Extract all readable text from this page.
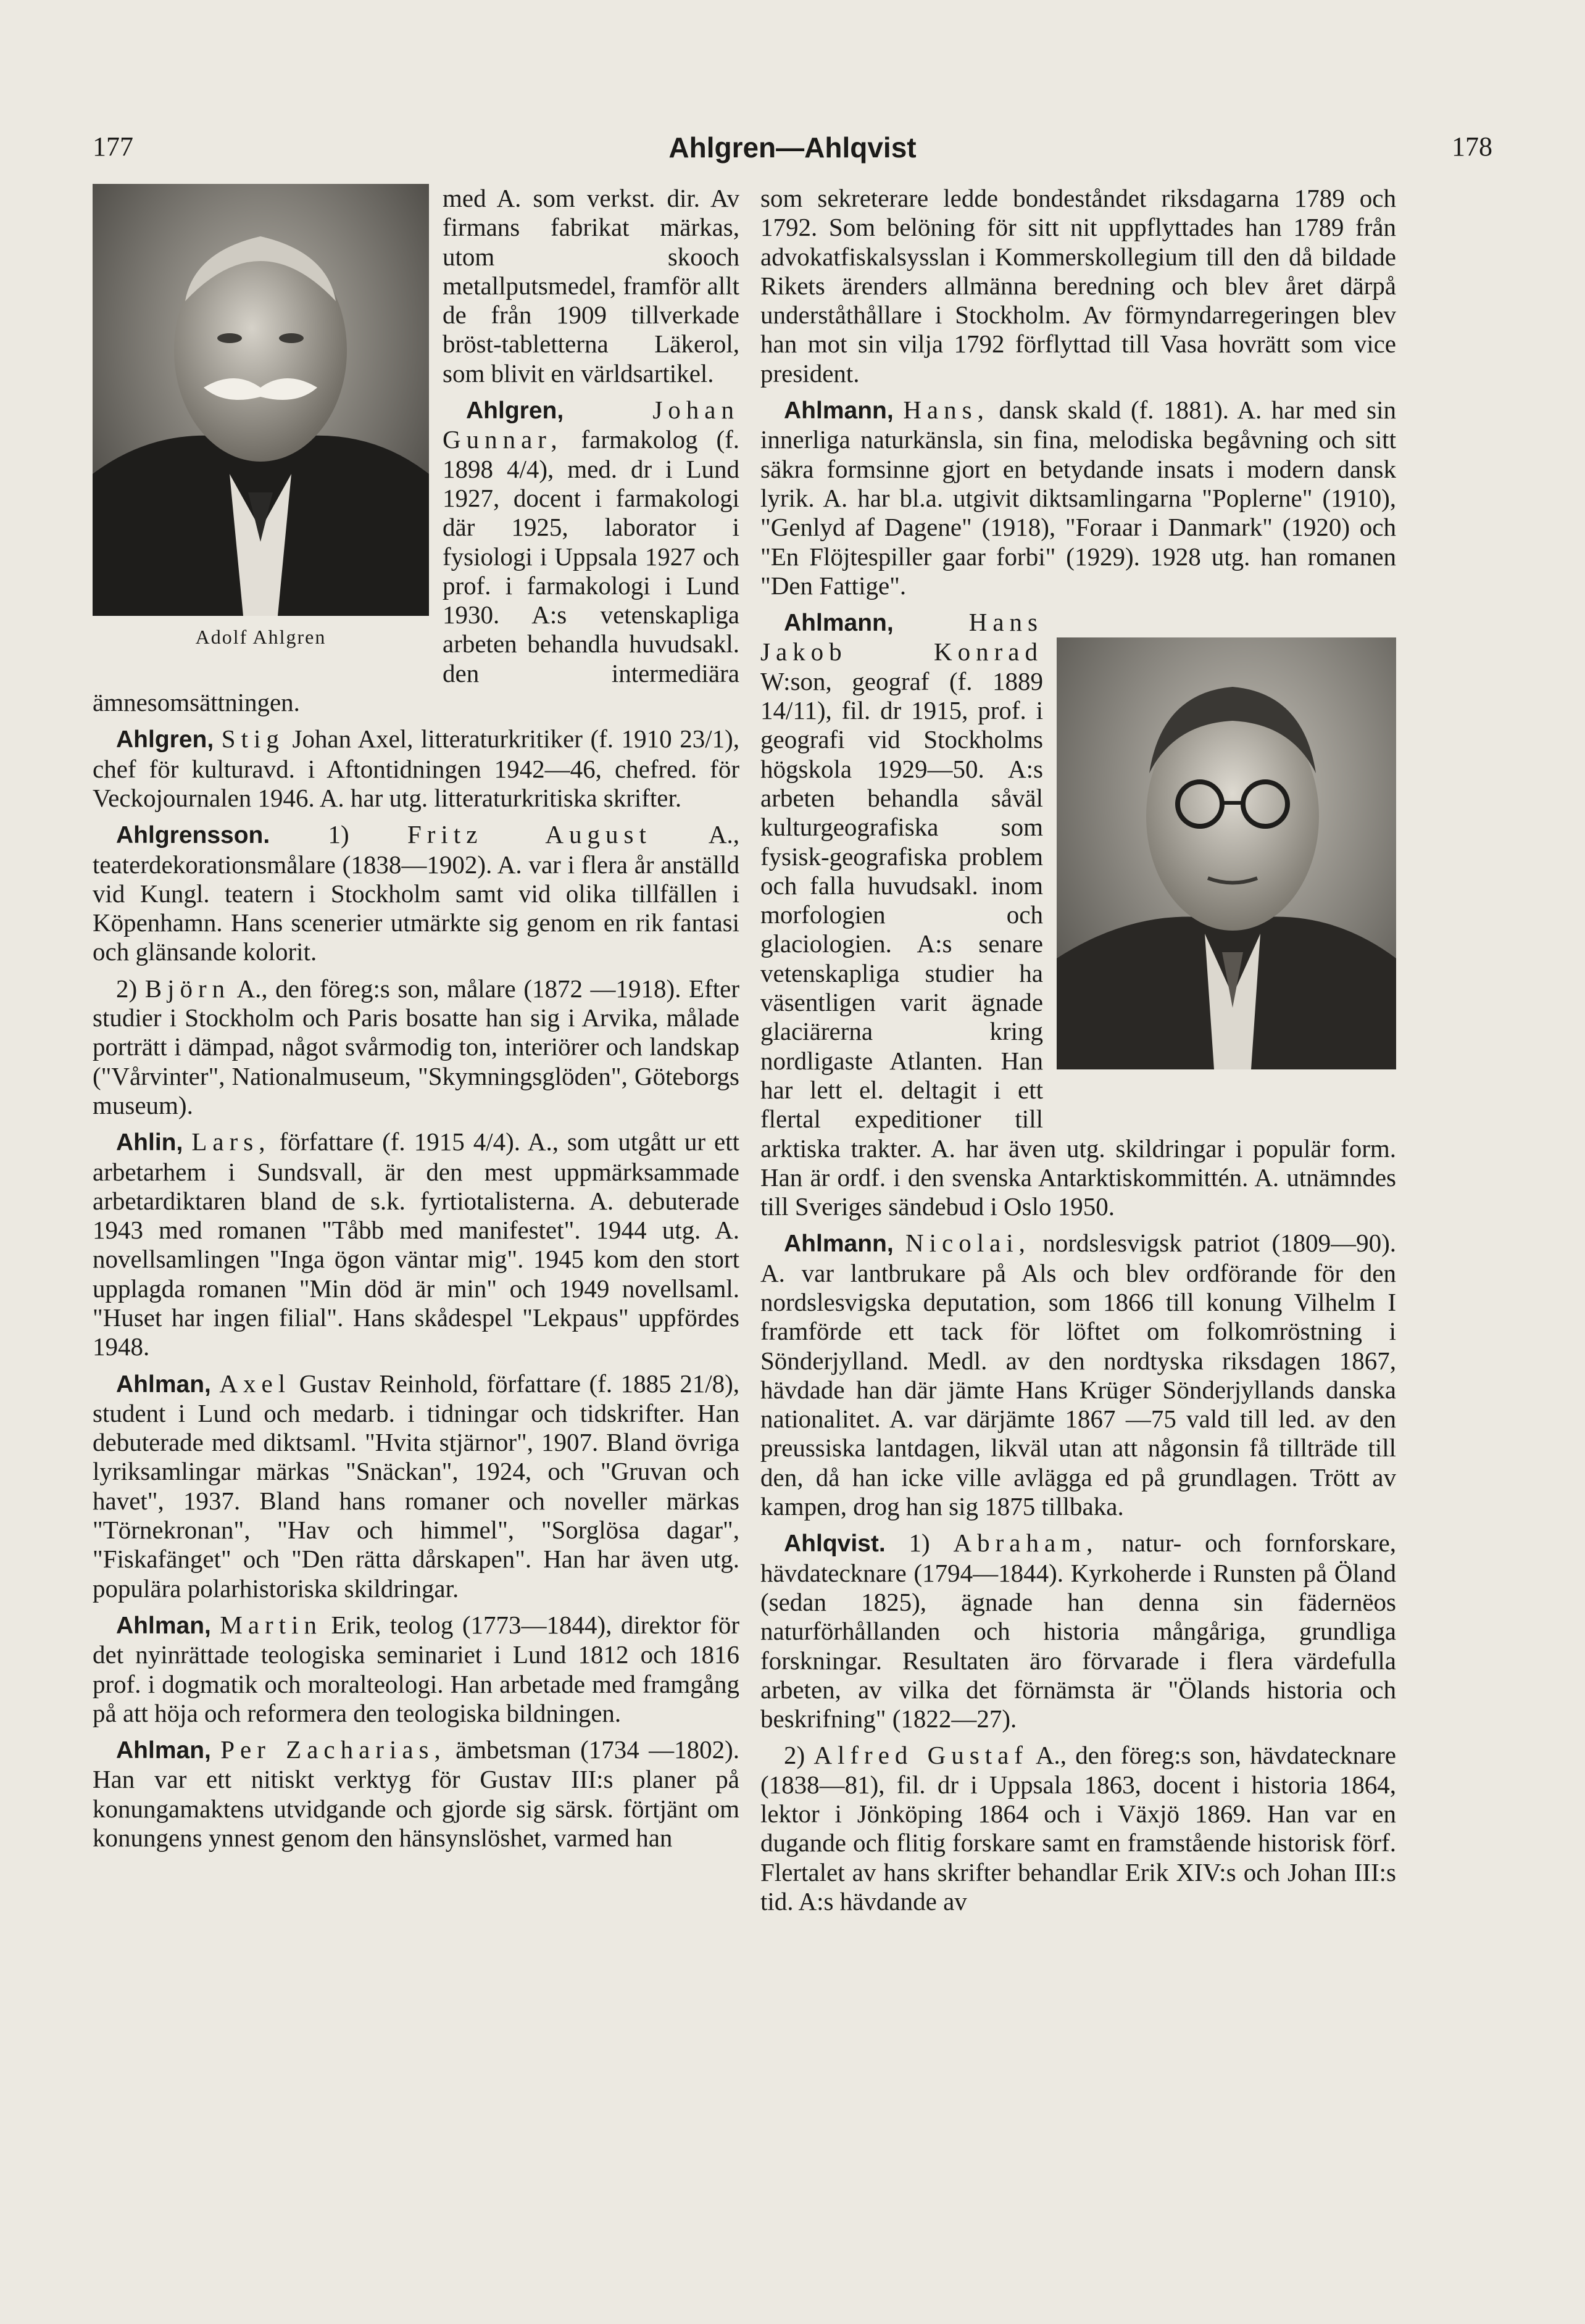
177	Ahlgren—Ahlqvist	178
Adolf Ahlgren

med A. som verkst. dir. Av firmans fabrikat märkas, utom skooch metallputsmedel, framför allt de från 1909 tillverkade bröst-tabletterna Läkerol, som blivit en världsartikel.

Ahlgren,	Johan Gunnar, farmakolog (f. 1898 4/4), med. dr i Lund 1927, docent i farmakologi där 1925, laborator i fysiologi i Uppsala 1927 och prof. i farmakologi i Lund 1930. A:s vetenskapliga arbeten behandla huvudsakl. den intermediära ämnesomsättningen.

Ahlgren, Stig Johan Axel, litteraturkritiker (f. 1910 23/1), chef för kulturavd. i Aftontidningen 1942—46, chefred. för Veckojournalen 1946. A. har utg. litteraturkritiska skrifter.

Ahlgrensson. 1) Fritz August A., teaterdekorationsmålare (1838—1902). A. var i flera år anställd vid Kungl. teatern i Stockholm samt vid olika tillfällen i Köpenhamn. Hans scenerier utmärkte sig genom en rik fantasi och glänsande kolorit.

2) Björn A., den föreg:s son, målare (1872 —1918). Efter studier i Stockholm och Paris bosatte han sig i Arvika, målade porträtt i dämpad, något svårmodig ton, interiörer och landskap ("Vårvinter", Nationalmuseum, "Skymningsglöden", Göteborgs museum).

Ahlin, Lars, författare (f. 1915 4/4). A., som utgått ur ett arbetarhem i Sundsvall, är den mest uppmärksammade arbetardiktaren bland de s.k. fyrtiotalisterna. A. debuterade 1943 med romanen "Tåbb med manifestet". 1944 utg. A. novellsamlingen "Inga ögon väntar mig". 1945 kom den stort upplagda romanen "Min död är min" och 1949 novellsaml. "Huset har ingen filial". Hans skådespel "Lekpaus" uppfördes 1948.

Ahlman, Axel Gustav Reinhold, författare (f. 1885 21/8), student i Lund och medarb. i tidningar och tidskrifter. Han debuterade med diktsaml. "Hvita stjärnor", 1907. Bland övriga lyriksamlingar märkas "Snäckan", 1924, och "Gruvan och havet", 1937. Bland hans romaner och noveller märkas "Törnekronan", "Hav och himmel", "Sorglösa dagar", "Fiskafänget" och "Den rätta dårskapen". Han har även utg. populära polarhistoriska skildringar.

Ahlman, Martin Erik, teolog (1773—1844), direktor för det nyinrättade teologiska seminariet i Lund 1812 och 1816 prof. i dogmatik och moralteologi. Han arbetade med framgång på att höja och reformera den teologiska bildningen.

Ahlman, Per Zacharias, ämbetsman (1734 —1802). Han var ett nitiskt verktyg för Gustav III:s planer på konungamaktens utvidgande och gjorde sig särsk. förtjänt om konungens ynnest genom den hänsynslöshet, varmed han

som sekreterare ledde bondeståndet riksdagarna 1789 och 1792. Som belöning för sitt nit uppflyttades han 1789 från advokatfiskalsysslan i Kommerskollegium till den då bildade Rikets ärenders allmänna beredning och blev året därpå underståthållare i Stockholm. Av förmyndarregeringen blev han mot sin vilja 1792 förflyttad till Vasa hovrätt som vice president.

Ahlmann, Hans, dansk skald (f. 1881). A. har med sin innerliga naturkänsla, sin fina, melodiska begåvning och sitt säkra formsinne gjort en betydande insats i modern dansk lyrik. A. har bl.a. utgivit diktsamlingarna "Poplerne" (1910), "Genlyd af Dagene" (1918), "Foraar i Danmark" (1920) och "En Flöjtespiller gaar forbi" (1929). 1928 utg. han romanen "Den Fattige".

Ahlmann,	Hans Jakob Konrad W:son, geograf (f. 1889 14/11), fil. dr 1915, prof. i geografi vid Stockholms högskola 1929—50. A:s arbeten behandla såväl kulturgeografiska som fysisk-geografiska problem och falla huvudsakl. inom morfologien och glaciologien. A:s senare vetenskapliga studier ha väsentligen varit ägnade glaciärerna kring nordligaste Atlanten. Han har lett el. deltagit i ett flertal expeditioner till arktiska trakter. A. har även utg. skildringar i populär form. Han är ordf. i den svenska Antarktiskommittén. A. utnämndes till Sveriges sändebud i Oslo 1950.

Ahlmann, Nicolai, nordslesvigsk patriot (1809—90). A. var lantbrukare på Als och blev ordförande för den nordslesvigska deputation, som 1866 till konung Vilhelm I framförde ett tack för löftet om folkomröstning i Sönderjylland. Medl. av den nordtyska riksdagen 1867, hävdade han där jämte Hans Krüger Sönderjyllands danska nationalitet. A. var därjämte 1867 —75 vald till led. av den preussiska lantdagen, likväl utan att någonsin få tillträde till den, då han icke ville avlägga ed på grundlagen. Trött av kampen, drog han sig 1875 tillbaka.

Ahlqvist. 1) Abraham, natur- och fornforskare, hävdatecknare (1794—1844). Kyrkoherde i Runsten på Öland (sedan 1825), ägnade han denna sin fädernëos naturförhållanden och historia mångåriga, grundliga forskningar. Resultaten äro förvarade i flera värdefulla arbeten, av vilka det förnämsta är "Ölands historia och beskrifning" (1822—27).

2) Alfred Gustaf A., den föreg:s son, hävdatecknare (1838—81), fil. dr i Uppsala 1863, docent i historia 1864, lektor i Jönköping 1864 och i Växjö 1869. Han var en dugande och flitig forskare samt en framstående historisk förf. Flertalet av hans skrifter behandlar Erik XIV:s och Johan III:s tid. A:s hävdande av
